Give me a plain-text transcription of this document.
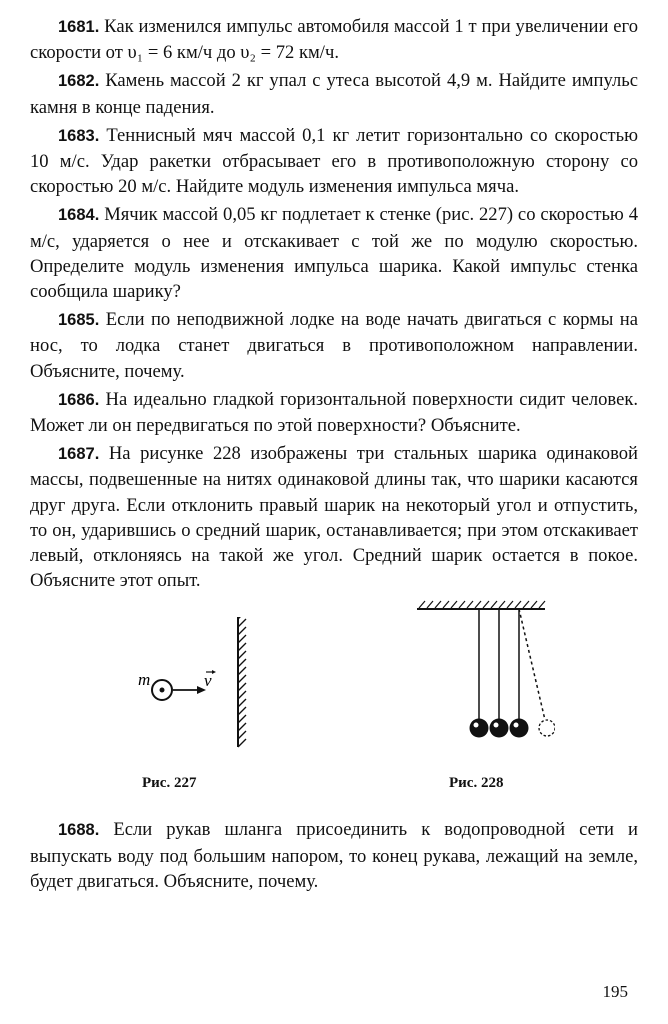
1681. Как изменился импульс автомобиля массой 1 т при увеличении его скорости от υ₁ = 6 км/ч до υ₂ = 72 км/ч.

1682. Камень массой 2 кг упал с утеса высотой 4,9 м. Найдите импульс камня в конце падения.

1683. Теннисный мяч массой 0,1 кг летит горизонтально со скоростью 10 м/с. Удар ракетки отбрасывает его в противоположную сторону со скоростью 20 м/с. Найдите модуль изменения импульса мяча.

1684. Мячик массой 0,05 кг подлетает к стенке (рис. 227) со скоростью 4 м/с, ударяется о нее и отскакивает с той же по модулю скоростью. Определите модуль изменения импульса шарика. Какой импульс стенка сообщила шарику?

1685. Если по неподвижной лодке на воде начать двигаться с кормы на нос, то лодка станет двигаться в противоположном направлении. Объясните, почему.

1686. На идеально гладкой горизонтальной поверхности сидит человек. Может ли он передвигаться по этой поверхности? Объясните.

1687. На рисунке 228 изображены три стальных шарика одинаковой массы, подвешенные на нитях одинаковой длины так, что шарики касаются друг друга. Если отклонить правый шарик на некоторый угол и отпустить, то он, ударившись о средний шарик, останавливается; при этом отскакивает левый, отклоняясь на такой же угол. Средний шарик остается в покое. Объясните этот опыт.

m	v
Рис. 227	Рис. 228

1688. Если рукав шланга присоединить к водопроводной сети и выпускать воду под большим напором, то конец рукава, лежащий на земле, будет двигаться. Объясните, почему.

195
